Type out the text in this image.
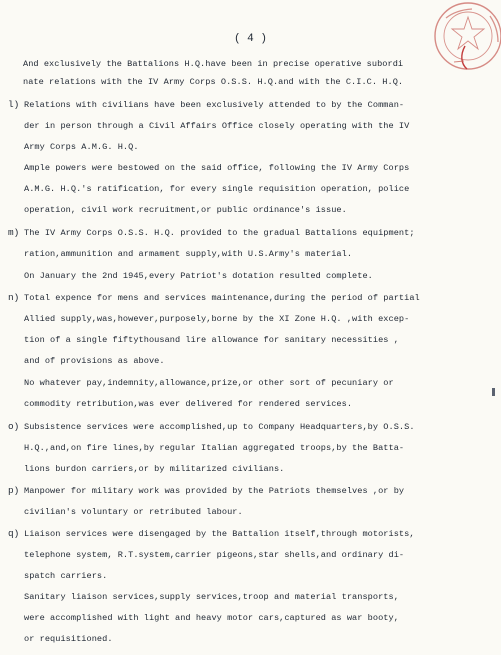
( 4 )
And exclusively the Battalions H.Q.have been in precise operative subordi
nate relations with the IV Army Corps O.S.S. H.Q.and with the C.I.C. H.Q.
l) Relations with civilians have been exclusively attended to by the Comman-
der in person through a Civil Affairs Office closely operating with the IV
Army Corps A.M.G. H.Q.
Ample powers were bestowed on the said office, following the IV Army Corps
A.M.G. H.Q.'s ratification, for every single requisition operation, police
operation, civil work recruitment,or public ordinance's issue.
m) The IV Army Corps O.S.S. H.Q. provided to the gradual Battalions equipment;
ration,ammunition and armament supply,with U.S.Army's material.
On January the 2nd 1945,every Patriot's dotation resulted complete.
n) Total expence for mens and services maintenance,during the period of partial
Allied supply,was,however,purposely,borne by the XI Zone H.Q. ,with excep-
tion of a single fiftythousand lire allowance for sanitary necessities ,
and of provisions as above.
No whatever pay,indemnity,allowance,prize,or other sort of pecuniary or
commodity retribution,was ever delivered for rendered services.
o) Subsistence services were accomplished,up to Company Headquarters,by O.S.S.
H.Q.,and,on fire lines,by regular Italian aggregated troops,by the Batta-
lions burdon carriers,or by militarized civilians.
p) Manpower for military work was provided by the Patriots themselves ,or by
civilian's voluntary or retributed labour.
q) Liaison services were disengaged by the Battalion itself,through motorists,
telephone system, R.T.system,carrier pigeons,star shells,and ordinary di-
spatch carriers.
Sanitary liaison services,supply services,troop and material transports,
were accomplished with light and heavy motor cars,captured as war booty,
or requisitioned.
